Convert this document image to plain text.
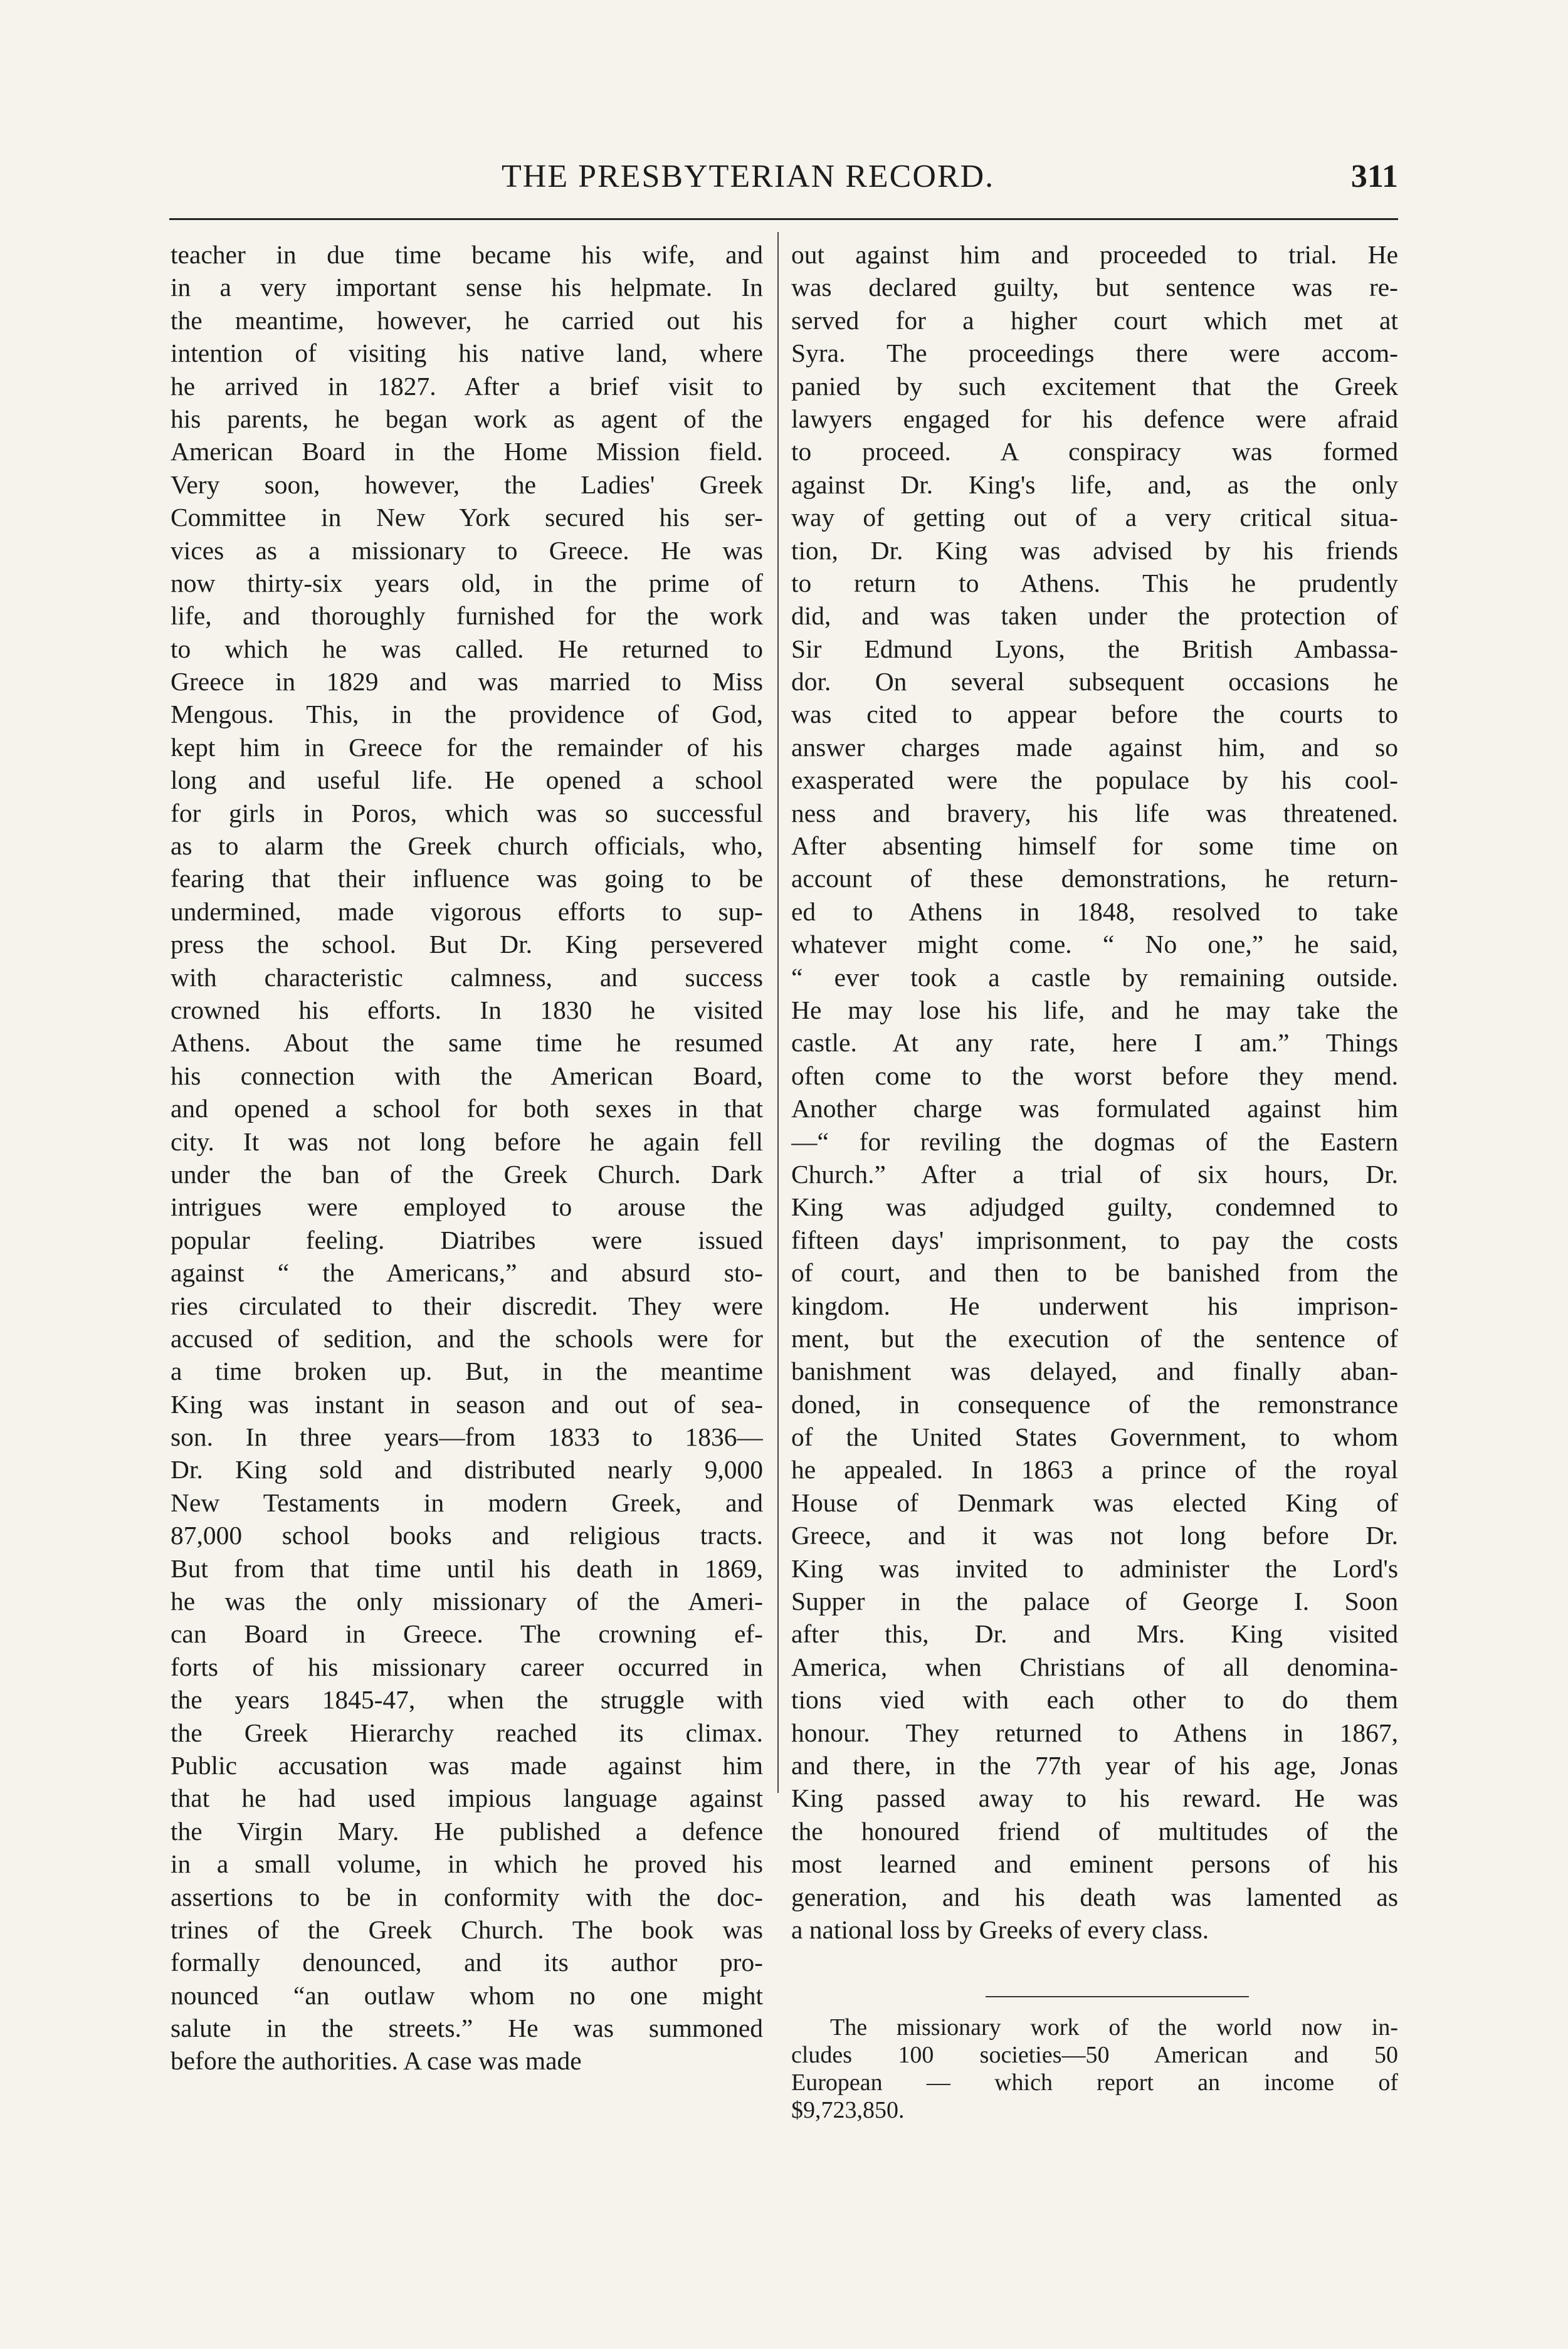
THE PRESBYTERIAN RECORD.	311
teacher in due time became his wife, and
in a very important sense his helpmate. In
the meantime, however, he carried out his
intention of visiting his native land, where
he arrived in 1827. After a brief visit to
his parents, he began work as agent of the
American Board in the Home Mission field.
Very soon, however, the Ladies' Greek
Committee in New York secured his ser-
vices as a missionary to Greece. He was
now thirty-six years old, in the prime of
life, and thoroughly furnished for the work
to which he was called. He returned to
Greece in 1829 and was married to Miss
Mengous. This, in the providence of God,
kept him in Greece for the remainder of his
long and useful life. He opened a school
for girls in Poros, which was so successful
as to alarm the Greek church officials, who,
fearing that their influence was going to be
undermined, made vigorous efforts to sup-
press the school. But Dr. King persevered
with characteristic calmness, and success
crowned his efforts. In 1830 he visited
Athens. About the same time he resumed
his connection with the American Board,
and opened a school for both sexes in that
city. It was not long before he again fell
under the ban of the Greek Church. Dark
intrigues were employed to arouse the
popular feeling. Diatribes were issued
against “ the Americans,” and absurd sto-
ries circulated to their discredit. They were
accused of sedition, and the schools were for
a time broken up. But, in the meantime
King was instant in season and out of sea-
son. In three years—from 1833 to 1836—
Dr. King sold and distributed nearly 9,000
New Testaments in modern Greek, and
87,000 school books and religious tracts.
But from that time until his death in 1869,
he was the only missionary of the Ameri-
can Board in Greece. The crowning ef-
forts of his missionary career occurred in
the years 1845-47, when the struggle with
the Greek Hierarchy reached its climax.
Public accusation was made against him
that he had used impious language against
the Virgin Mary. He published a defence
in a small volume, in which he proved his
assertions to be in conformity with the doc-
trines of the Greek Church. The book was
formally denounced, and its author pro-
nounced “an outlaw whom no one might
salute in the streets.” He was summoned
before the authorities. A case was made
out against him and proceeded to trial. He
was declared guilty, but sentence was re-
served for a higher court which met at
Syra. The proceedings there were accom-
panied by such excitement that the Greek
lawyers engaged for his defence were afraid
to proceed. A conspiracy was formed
against Dr. King's life, and, as the only
way of getting out of a very critical situa-
tion, Dr. King was advised by his friends
to return to Athens. This he prudently
did, and was taken under the protection of
Sir Edmund Lyons, the British Ambassa-
dor. On several subsequent occasions he
was cited to appear before the courts to
answer charges made against him, and so
exasperated were the populace by his cool-
ness and bravery, his life was threatened.
After absenting himself for some time on
account of these demonstrations, he return-
ed to Athens in 1848, resolved to take
whatever might come. “ No one,” he said,
“ ever took a castle by remaining outside.
He may lose his life, and he may take the
castle. At any rate, here I am.” Things
often come to the worst before they mend.
Another charge was formulated against him
—“ for reviling the dogmas of the Eastern
Church.” After a trial of six hours, Dr.
King was adjudged guilty, condemned to
fifteen days' imprisonment, to pay the costs
of court, and then to be banished from the
kingdom. He underwent his imprison-
ment, but the execution of the sentence of
banishment was delayed, and finally aban-
doned, in consequence of the remonstrance
of the United States Government, to whom
he appealed. In 1863 a prince of the royal
House of Denmark was elected King of
Greece, and it was not long before Dr.
King was invited to administer the Lord's
Supper in the palace of George I. Soon
after this, Dr. and Mrs. King visited
America, when Christians of all denomina-
tions vied with each other to do them
honour. They returned to Athens in 1867,
and there, in the 77th year of his age, Jonas
King passed away to his reward. He was
the honoured friend of multitudes of the
most learned and eminent persons of his
generation, and his death was lamented as
a national loss by Greeks of every class.
The missionary work of the world now in-
cludes 100 societies—50 American and 50
European — which report an income of
$9,723,850.
